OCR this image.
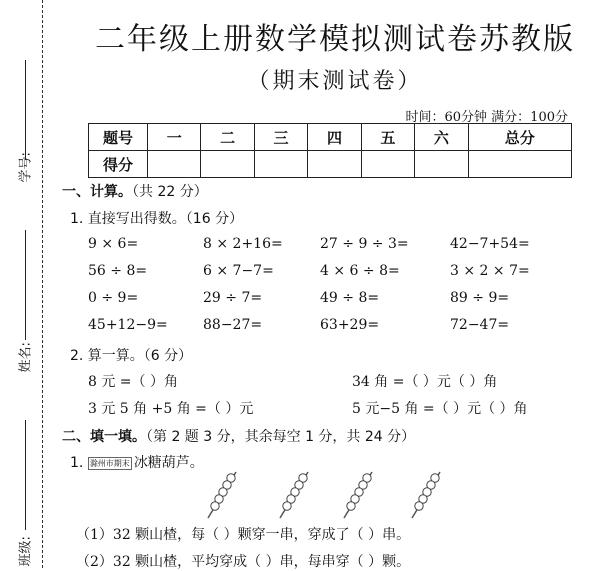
学号:
姓名:
班级:
二年级上册数学模拟测试卷苏教版
（期末测试卷）
时间：60分钟 满分：100分
题号	一	二	三	四	五	六	总分
得分							
一、计算。（共 22 分）
1. 直接写出得数。（16 分）
9 × 6=	8 × 2+16=	27 ÷ 9 ÷ 3=	42−7+54=
56 ÷ 8=	6 × 7−7=	4 × 6 ÷ 8=	3 × 2 × 7=
0 ÷ 9=	29 ÷ 7=	49 ÷ 8=	89 ÷ 9=
45+12−9=	88−27=	63+29=	72−47=
2. 算一算。（6 分）
8 元 =（ ）角	34 角 =（ ）元（ ）角
3 元 5 角 +5 角 =（ ）元	5 元−5 角 =（ ）元（ ）角
二、填一填。（第 2 题 3 分，其余每空 1 分，共 24 分）
1. 滁州市期末 冰糖葫芦。
（1）32 颗山楂，每（ ）颗穿一串，穿成了（ ）串。
（2）32 颗山楂，平均穿成（ ）串，每串穿（ ）颗。
